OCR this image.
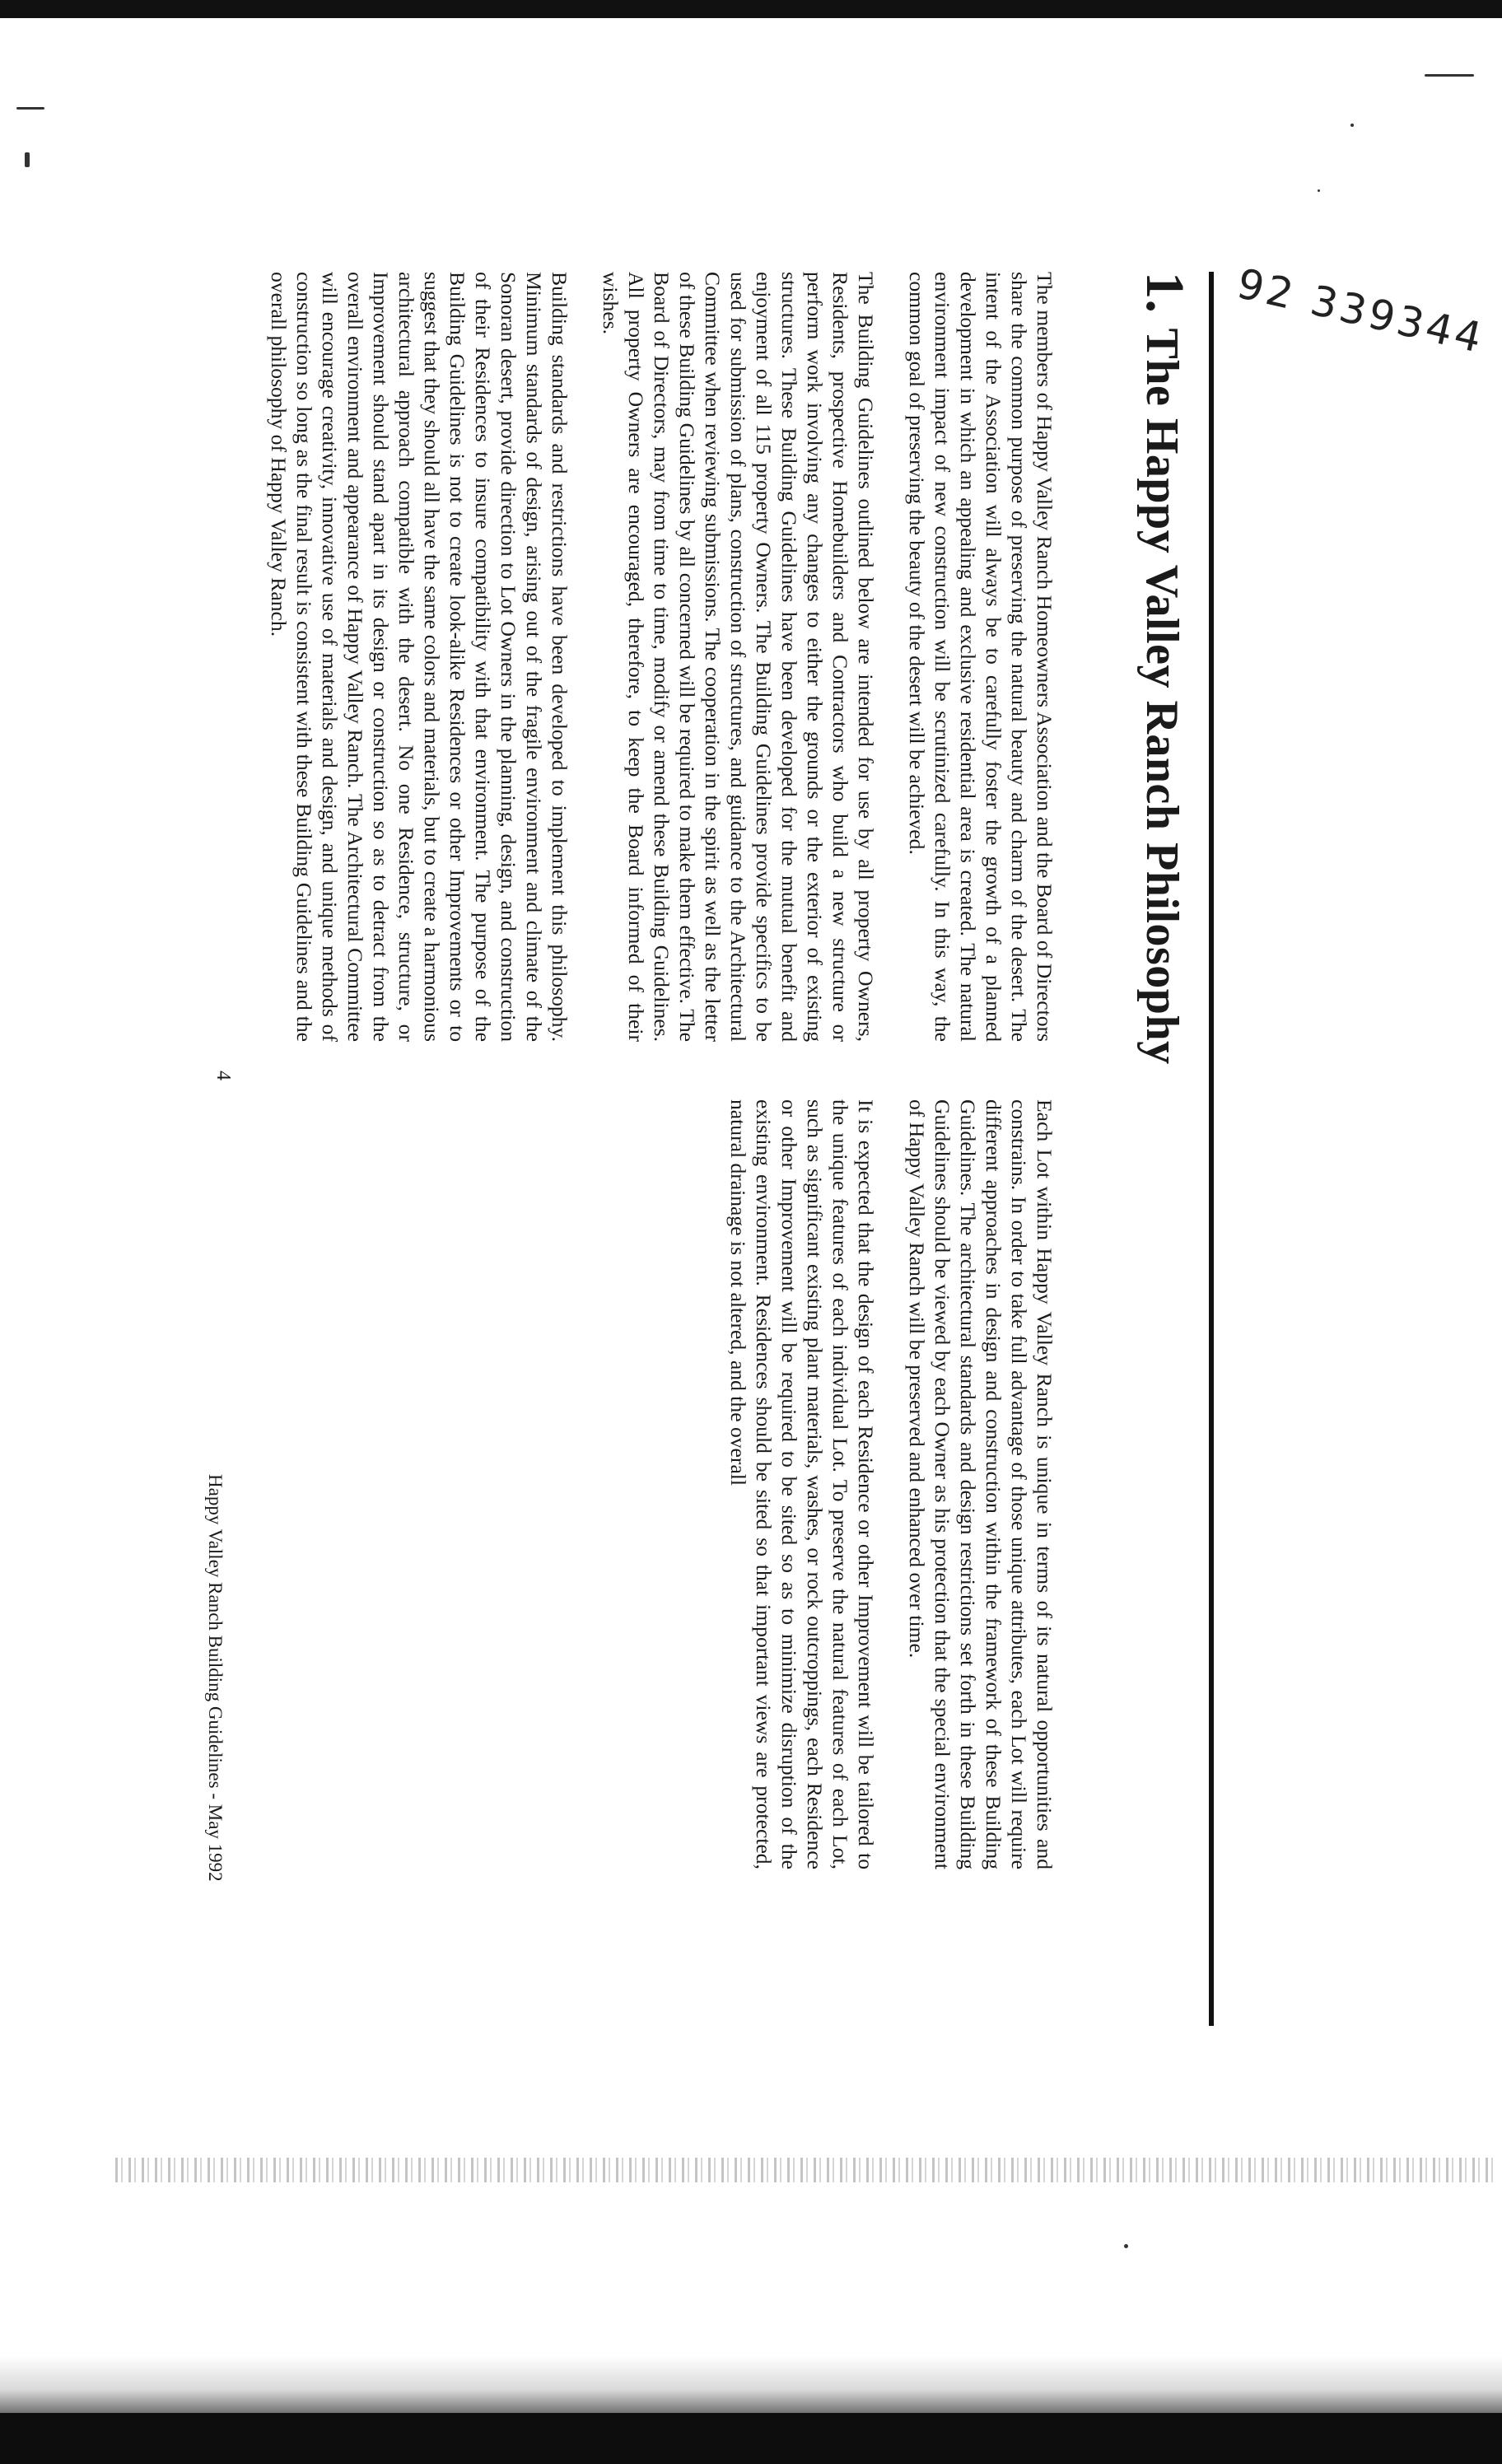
92 339344
1.The Happy Valley Ranch Philosophy

The members of Happy Valley Ranch Homeowners Association and the Board of Directors share the common purpose of preserving the natural beauty and charm of the desert. The intent of the Association will always be to carefully foster the growth of a planned development in which an appealing and exclusive residential area is created. The natural environment impact of new construction will be scrutinized carefully. In this way, the common goal of preserving the beauty of the desert will be achieved.

The Building Guidelines outlined below are intended for use by all property Owners, Residents, prospective Homebuilders and Contractors who build a new structure or perform work involving any changes to either the grounds or the exterior of existing structures. These Building Guidelines have been developed for the mutual benefit and enjoyment of all 115 property Owners. The Building Guidelines provide specifics to be used for submission of plans, construction of structures, and guidance to the Architectural Committee when reviewing submissions. The cooperation in the spirit as well as the letter of these Building Guidelines by all concerned will be required to make them effective. The Board of Directors, may from time to time, modify or amend these Building Guidelines. All property Owners are encouraged, therefore, to keep the Board informed of their wishes.

Building standards and restrictions have been developed to implement this philosophy. Minimum standards of design, arising out of the fragile environment and climate of the Sonoran desert, provide direction to Lot Owners in the planning, design, and construction of their Residences to insure compatibility with that environment. The purpose of the Building Guidelines is not to create look-alike Residences or other Improvements or to suggest that they should all have the same colors and materials, but to create a harmonious architectural approach compatible with the desert. No one Residence, structure, or Improvement should stand apart in its design or construction so as to detract from the overall environment and appearance of Happy Valley Ranch. The Architectural Committee will encourage creativity, innovative use of materials and design, and unique methods of construction so long as the final result is consistent with these Building Guidelines and the overall philosophy of Happy Valley Ranch.

Each Lot within Happy Valley Ranch is unique in terms of its natural opportunities and constrains. In order to take full advantage of those unique attributes, each Lot will require different approaches in design and construction within the framework of these Building Guidelines. The architectural standards and design restrictions set forth in these Building Guidelines should be viewed by each Owner as his protection that the special environment of Happy Valley Ranch will be preserved and enhanced over time.

It is expected that the design of each Residence or other Improvement will be tailored to the unique features of each individual Lot. To preserve the natural features of each Lot, such as significant existing plant materials, washes, or rock outcroppings, each Residence or other Improvement will be required to be sited so as to minimize disruption of the existing environment. Residences should be sited so that important views are protected, natural drainage is not altered, and the overall

4
Happy Valley Ranch Building Guidelines - May 1992
